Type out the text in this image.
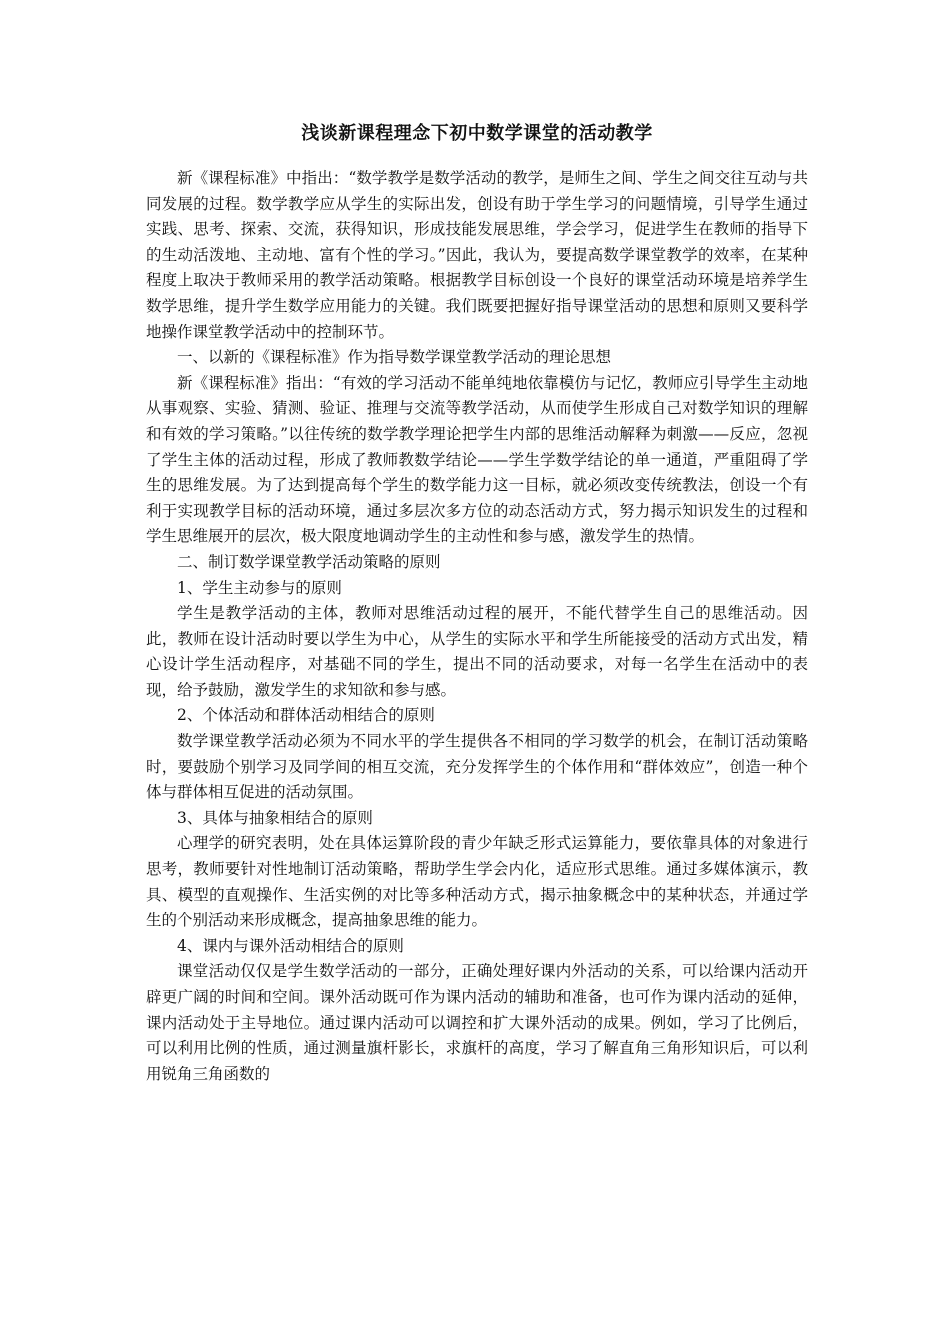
浅谈新课程理念下初中数学课堂的活动教学

新《课程标准》中指出：“数学教学是数学活动的教学，是师生之间、学生之间交往互动与共同发展的过程。数学教学应从学生的实际出发，创设有助于学生学习的问题情境，引导学生通过实践、思考、探索、交流，获得知识，形成技能发展思维，学会学习，促进学生在教师的指导下的生动活泼地、主动地、富有个性的学习。”因此，我认为，要提高数学课堂教学的效率，在某种程度上取决于教师采用的教学活动策略。根据教学目标创设一个良好的课堂活动环境是培养学生数学思维，提升学生数学应用能力的关键。我们既要把握好指导课堂活动的思想和原则又要科学地操作课堂教学活动中的控制环节。

一、以新的《课程标准》作为指导数学课堂教学活动的理论思想

新《课程标准》指出：“有效的学习活动不能单纯地依靠模仿与记忆，教师应引导学生主动地从事观察、实验、猜测、验证、推理与交流等教学活动，从而使学生形成自己对数学知识的理解和有效的学习策略。”以往传统的数学教学理论把学生内部的思维活动解释为刺激——反应，忽视了学生主体的活动过程，形成了教师教数学结论——学生学数学结论的单一通道，严重阻碍了学生的思维发展。为了达到提高每个学生的数学能力这一目标，就必须改变传统教法，创设一个有利于实现教学目标的活动环境，通过多层次多方位的动态活动方式，努力揭示知识发生的过程和学生思维展开的层次，极大限度地调动学生的主动性和参与感，激发学生的热情。

二、制订数学课堂教学活动策略的原则

1、学生主动参与的原则

学生是教学活动的主体，教师对思维活动过程的展开，不能代替学生自己的思维活动。因此，教师在设计活动时要以学生为中心，从学生的实际水平和学生所能接受的活动方式出发，精心设计学生活动程序，对基础不同的学生，提出不同的活动要求，对每一名学生在活动中的表现，给予鼓励，激发学生的求知欲和参与感。

2、个体活动和群体活动相结合的原则

数学课堂教学活动必须为不同水平的学生提供各不相同的学习数学的机会，在制订活动策略时，要鼓励个别学习及同学间的相互交流，充分发挥学生的个体作用和“群体效应”，创造一种个体与群体相互促进的活动氛围。

3、具体与抽象相结合的原则

心理学的研究表明，处在具体运算阶段的青少年缺乏形式运算能力，要依靠具体的对象进行思考，教师要针对性地制订活动策略，帮助学生学会内化，适应形式思维。通过多媒体演示，教具、模型的直观操作、生活实例的对比等多种活动方式，揭示抽象概念中的某种状态，并通过学生的个别活动来形成概念，提高抽象思维的能力。

4、课内与课外活动相结合的原则

课堂活动仅仅是学生数学活动的一部分，正确处理好课内外活动的关系，可以给课内活动开辟更广阔的时间和空间。课外活动既可作为课内活动的辅助和准备，也可作为课内活动的延伸，课内活动处于主导地位。通过课内活动可以调控和扩大课外活动的成果。例如，学习了比例后，可以利用比例的性质，通过测量旗杆影长，求旗杆的高度，学习了解直角三角形知识后，可以利用锐角三角函数的
